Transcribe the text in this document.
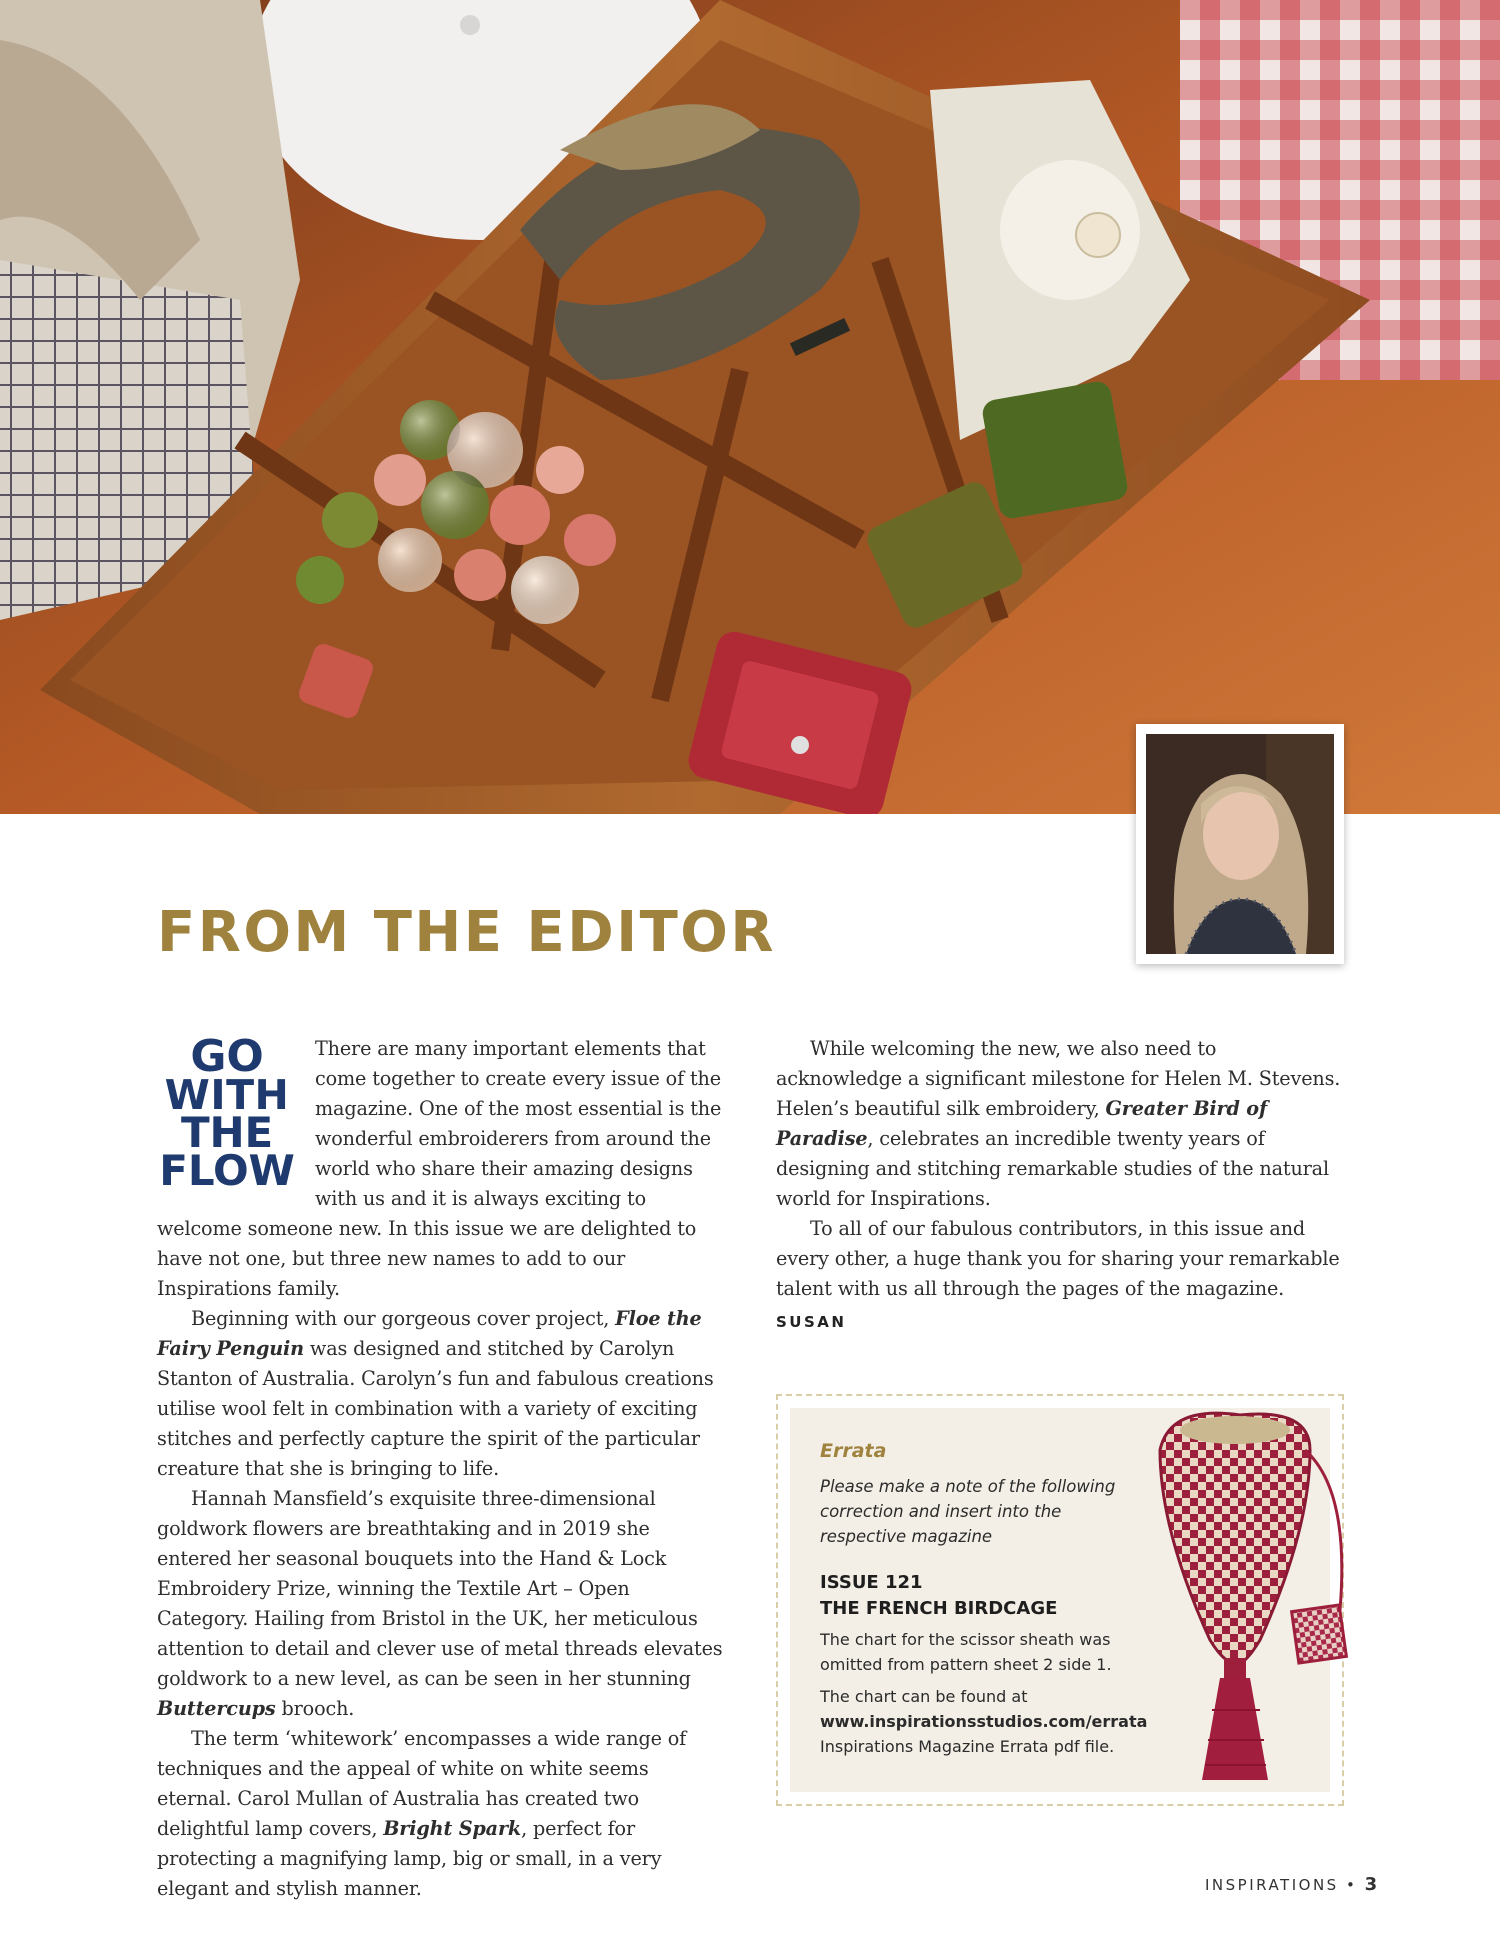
FROM THE EDITOR
GO
WITH
THE
FLOW

There are many important elements that come together to create every issue of the magazine. One of the most essential is the wonderful embroiderers from around the world who share their amazing designs with us and it is always exciting to welcome someone new. In this issue we are delighted to have not one, but three new names to add to our Inspirations family.

Beginning with our gorgeous cover project, Floe the Fairy Penguin was designed and stitched by Carolyn Stanton of Australia. Carolyn’s fun and fabulous creations utilise wool felt in combination with a variety of exciting stitches and perfectly capture the spirit of the particular creature that she is bringing to life.

Hannah Mansfield’s exquisite three-dimensional goldwork flowers are breathtaking and in 2019 she entered her seasonal bouquets into the Hand & Lock Embroidery Prize, winning the Textile Art – Open Category. Hailing from Bristol in the UK, her meticulous attention to detail and clever use of metal threads elevates goldwork to a new level, as can be seen in her stunning Buttercups brooch.

The term ‘whitework’ encompasses a wide range of techniques and the appeal of white on white seems eternal. Carol Mullan of Australia has created two delightful lamp covers, Bright Spark, perfect for protecting a magnifying lamp, big or small, in a very elegant and stylish manner.

While welcoming the new, we also need to acknowledge a significant milestone for Helen M. Stevens. Helen’s beautiful silk embroidery, Greater Bird of Paradise, celebrates an incredible twenty years of designing and stitching remarkable studies of the natural world for Inspirations.

To all of our fabulous contributors, in this issue and every other, a huge thank you for sharing your remarkable talent with us all through the pages of the magazine.

SUSAN
Errata
Please make a note of the following correction and insert into the respective magazine
ISSUE 121
THE FRENCH BIRDCAGE
The chart for the scissor sheath was omitted from pattern sheet 2 side 1.
The chart can be found at
www.inspirationsstudios.com/errata
Inspirations Magazine Errata pdf file.
INSPIRATIONS • 3
